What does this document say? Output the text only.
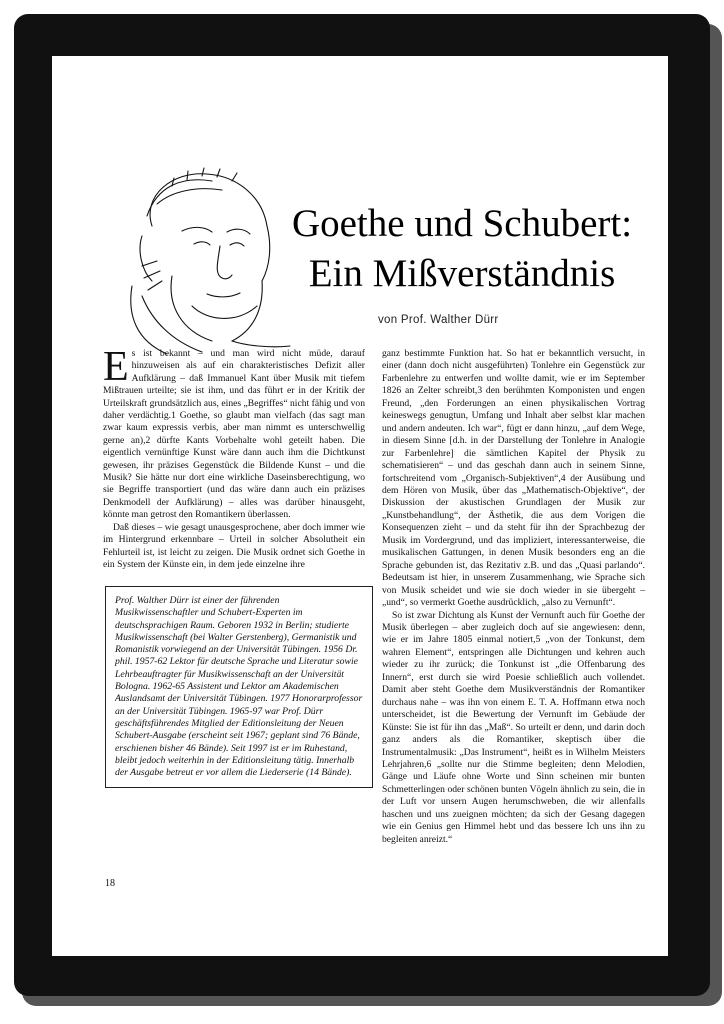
Goethe und Schubert:
Ein Mißverständnis
von Prof. Walther Dürr

Es ist bekannt – und man wird nicht müde, darauf hinzuweisen als auf ein charakteristisches Defizit aller Aufklärung – daß Immanuel Kant über Musik mit tiefem Mißtrauen urteilte; sie ist ihm, und das führt er in der Kritik der Urteilskraft grundsätzlich aus, eines „Begriffes“ nicht fähig und von daher verdächtig.1 Goethe, so glaubt man vielfach (das sagt man zwar kaum expressis verbis, aber man nimmt es unterschwellig gerne an),2 dürfte Kants Vorbehalte wohl geteilt haben. Die eigentlich vernünftige Kunst wäre dann auch ihm die Dichtkunst gewesen, ihr präzises Gegenstück die Bildende Kunst – und die Musik? Sie hätte nur dort eine wirkliche Daseinsberechtigung, wo sie Begriffe transportiert (und das wäre dann auch ein präzises Denkmodell der Aufklärung) – alles was darüber hinausgeht, könnte man getrost den Romantikern überlassen.

Daß dieses – wie gesagt unausgesprochene, aber doch immer wie im Hintergrund erkennbare – Urteil in solcher Absolutheit ein Fehlurteil ist, ist leicht zu zeigen. Die Musik ordnet sich Goethe in ein System der Künste ein, in dem jede einzelne ihre

Prof. Walther Dürr ist einer der führenden Musikwissenschaftler und Schubert-Experten im deutschsprachigen Raum. Geboren 1932 in Berlin; studierte Musikwissenschaft (bei Walter Gerstenberg), Germanistik und Romanistik vorwiegend an der Universität Tübingen. 1956 Dr. phil. 1957-62 Lektor für deutsche Sprache und Literatur sowie Lehrbeauftragter für Musikwissenschaft an der Universität Bologna. 1962-65 Assistent und Lektor am Akademischen Auslandsamt der Universität Tübingen. 1977 Honorarprofessor an der Universität Tübingen. 1965-97 war Prof. Dürr geschäftsführendes Mitglied der Editionsleitung der Neuen Schubert-Ausgabe (erscheint seit 1967; geplant sind 76 Bände, erschienen bisher 46 Bände). Seit 1997 ist er im Ruhestand, bleibt jedoch weiterhin in der Editionsleitung tätig. Innerhalb der Ausgabe betreut er vor allem die Liederserie (14 Bände).

ganz bestimmte Funktion hat. So hat er bekanntlich versucht, in einer (dann doch nicht ausgeführten) Tonlehre ein Gegenstück zur Farbenlehre zu entwerfen und wollte damit, wie er im September 1826 an Zelter schreibt,3 den berühmten Komponisten und engen Freund, „den Forderungen an einen physikalischen Vortrag keineswegs genugtun, Umfang und Inhalt aber selbst klar machen und andern andeuten. Ich war“, fügt er dann hinzu, „auf dem Wege, in diesem Sinne [d.h. in der Darstellung der Tonlehre in Analogie zur Farbenlehre] die sämtlichen Kapitel der Physik zu schematisieren“ – und das geschah dann auch in seinem Sinne, fortschreitend vom „Organisch-Subjektiven“,4 der Ausübung und dem Hören von Musik, über das „Mathematisch-Objektive“, der Diskussion der akustischen Grundlagen der Musik zur „Kunstbehandlung“, der Ästhetik, die aus dem Vorigen die Konsequenzen zieht – und da steht für ihn der Sprachbezug der Musik im Vordergrund, und das impliziert, interessanterweise, die musikalischen Gattungen, in denen Musik besonders eng an die Sprache gebunden ist, das Rezitativ z.B. und das „Quasi parlando“. Bedeutsam ist hier, in unserem Zusammenhang, wie Sprache sich von Musik scheidet und wie sie doch wieder in sie übergeht – „und“, so vermerkt Goethe ausdrücklich, „also zu Vernunft“.

So ist zwar Dichtung als Kunst der Vernunft auch für Goethe der Musik überlegen – aber zugleich doch auf sie angewiesen: denn, wie er im Jahre 1805 einmal notiert,5 „von der Tonkunst, dem wahren Element“, entspringen alle Dichtungen und kehren auch wieder zu ihr zurück; die Tonkunst ist „die Offenbarung des Innern“, erst durch sie wird Poesie schließlich auch vollendet. Damit aber steht Goethe dem Musikverständnis der Romantiker durchaus nahe – was ihn von einem E. T. A. Hoffmann etwa noch unterscheidet, ist die Bewertung der Vernunft im Gebäude der Künste: Sie ist für ihn das „Maß“. So urteilt er denn, und darin doch ganz anders als die Romantiker, skeptisch über die Instrumentalmusik: „Das Instrument“, heißt es in Wilhelm Meisters Lehrjahren,6 „sollte nur die Stimme begleiten; denn Melodien, Gänge und Läufe ohne Worte und Sinn scheinen mir bunten Schmetterlingen oder schönen bunten Vögeln ähnlich zu sein, die in der Luft vor unsern Augen herumschweben, die wir allenfalls haschen und uns zueignen möchten; da sich der Gesang dagegen wie ein Genius gen Himmel hebt und das bessere Ich uns ihn zu begleiten anreizt.“

18
